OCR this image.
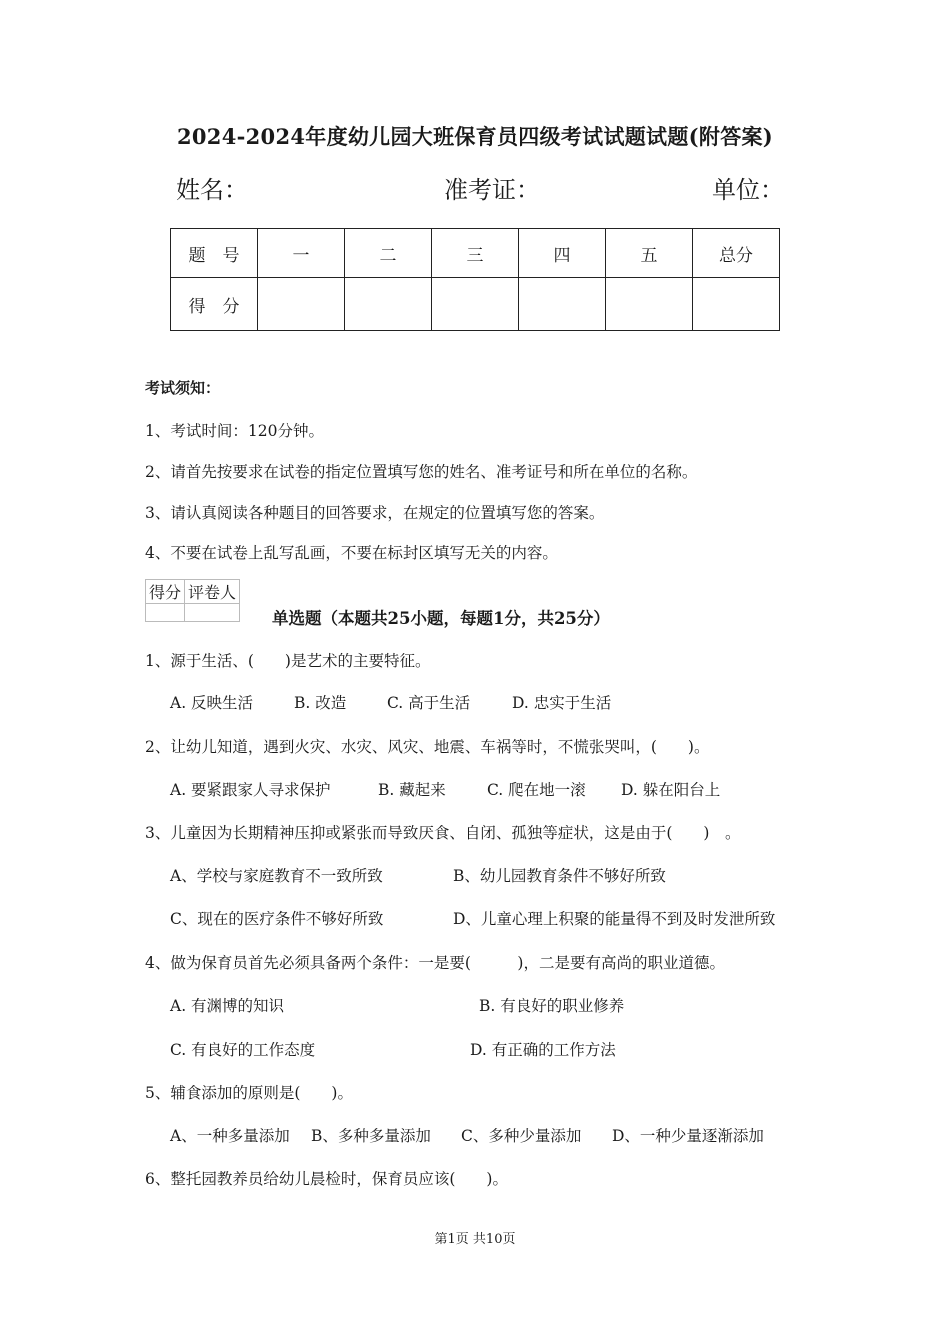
2024-2024年度幼儿园大班保育员四级考试试题试题(附答案)
姓名：	准考证：	单位：
题　号	一	二	三	四	五	总分
得　分						
考试须知：
1、考试时间：120分钟。
2、请首先按要求在试卷的指定位置填写您的姓名、准考证号和所在单位的名称。
3、请认真阅读各种题目的回答要求，在规定的位置填写您的答案。
4、不要在试卷上乱写乱画，不要在标封区填写无关的内容。
得分	评卷人

单选题（本题共25小题，每题1分，共25分）
1、源于生活、(　　)是艺术的主要特征。
A. 反映生活	B. 改造	C. 高于生活	D. 忠实于生活
2、让幼儿知道，遇到火灾、水灾、风灾、地震、车祸等时，不慌张哭叫，(　　)。
A. 要紧跟家人寻求保护	B. 藏起来	C. 爬在地一滚 D. 躲在阳台上
3、儿童因为长期精神压抑或紧张而导致厌食、自闭、孤独等症状，这是由于(　　)　。
A、学校与家庭教育不一致所致	B、幼儿园教育条件不够好所致
C、现在的医疗条件不够好所致	D、儿童心理上积聚的能量得不到及时发泄所致
4、做为保育员首先必须具备两个条件：一是要(　　　)，二是要有高尚的职业道德。
A. 有渊博的知识	B. 有良好的职业修养
C. 有良好的工作态度	D. 有正确的工作方法
5、辅食添加的原则是(　　)。
A、一种多量添加 B、多种多量添加 C、多种少量添加 D、一种少量逐渐添加
6、整托园教养员给幼儿晨检时，保育员应该(　　)。
第1页 共10页
